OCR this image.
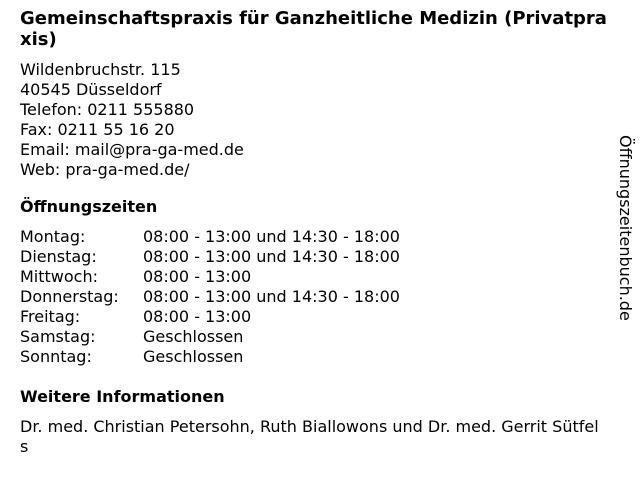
Gemeinschaftspraxis für Ganzheitliche Medizin (Privatpraxis)
Wildenbruchstr. 115
40545 Düsseldorf
Telefon: 0211 555880
Fax: 0211 55 16 20
Email: mail@pra-ga-med.de
Web: pra-ga-med.de/
Öffnungszeiten
Montag:	08:00 - 13:00 und 14:30 - 18:00
Dienstag:	08:00 - 13:00 und 14:30 - 18:00
Mittwoch:	08:00 - 13:00
Donnerstag:	08:00 - 13:00 und 14:30 - 18:00
Freitag:	08:00 - 13:00
Samstag:	Geschlossen
Sonntag:	Geschlossen
Weitere Informationen
Dr. med. Christian Petersohn, Ruth Biallowons und Dr. med. Gerrit Sütfels
Öffnungszeitenbuch.de
